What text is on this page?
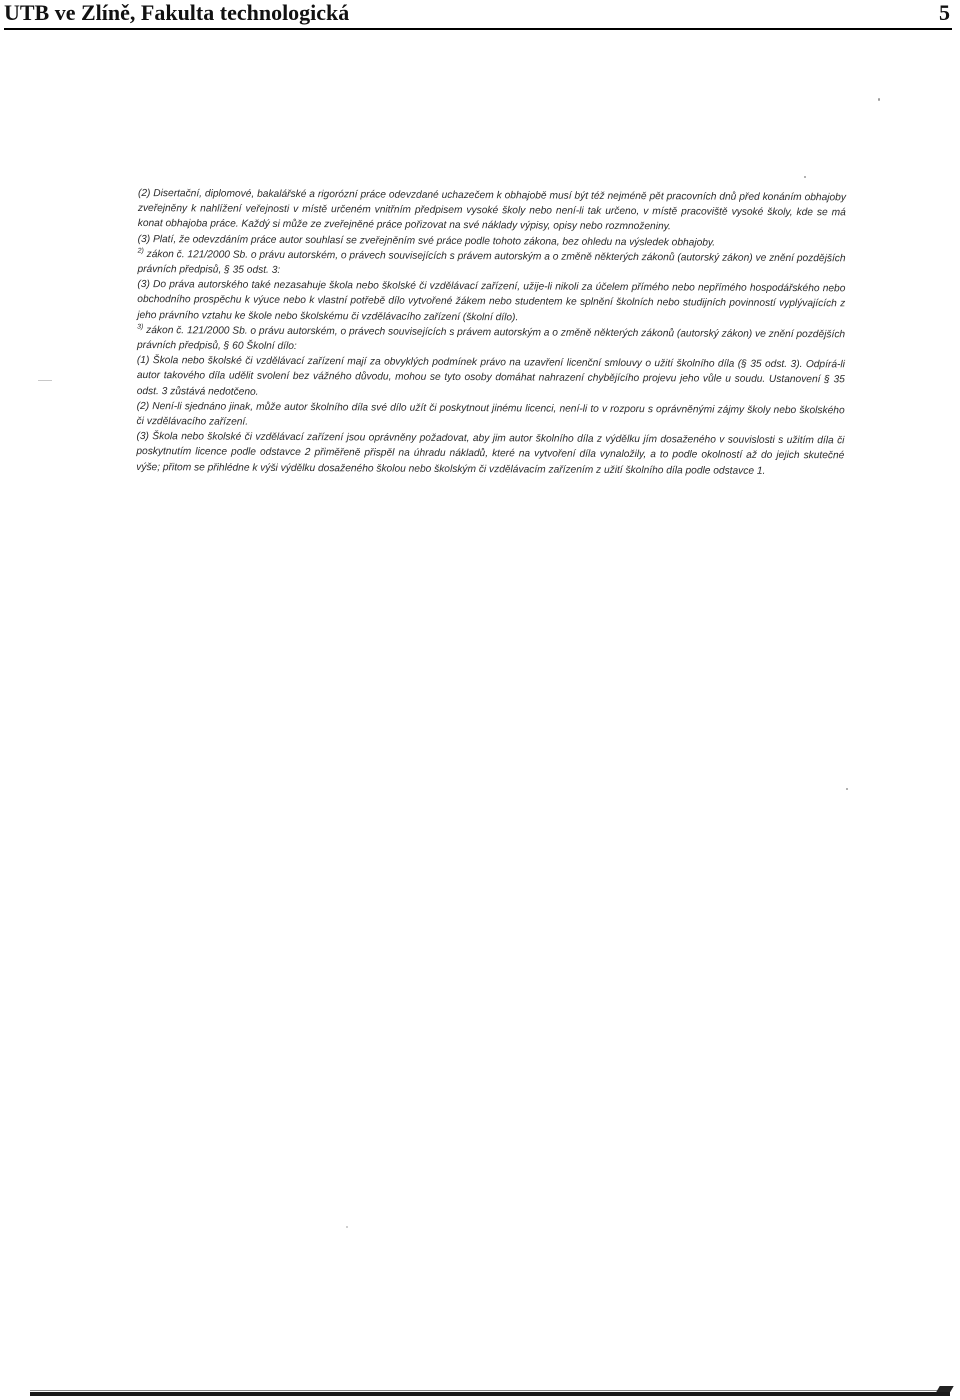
UTB ve Zlíně, Fakulta technologická	5

(2) Disertační, diplomové, bakalářské a rigorózní práce odevzdané uchazečem k obhajobě musí být též nejméně pět pracovních dnů před konáním obhajoby zveřejněny k nahlížení veřejnosti v místě určeném vnitřním předpisem vysoké školy nebo není-li tak určeno, v místě pracoviště vysoké školy, kde se má konat obhajoba práce. Každý si může ze zveřejněné práce pořizovat na své náklady výpisy, opisy nebo rozmnoženiny.

(3) Platí, že odevzdáním práce autor souhlasí se zveřejněním své práce podle tohoto zákona, bez ohledu na výsledek obhajoby.

$^{2)}$ zákon č. 121/2000 Sb. o právu autorském, o právech souvisejících s právem autorským a o změně některých zákonů (autorský zákon) ve znění pozdějších právních předpisů, § 35 odst. 3:

(3) Do práva autorského také nezasahuje škola nebo školské či vzdělávací zařízení, užije-li nikoli za účelem přímého nebo nepřímého hospodářského nebo obchodního prospěchu k výuce nebo k vlastní potřebě dílo vytvořené žákem nebo studentem ke splnění školních nebo studijních povinností vyplývajících z jeho právního vztahu ke škole nebo školskému či vzdělávacího zařízení (školní dílo).

$^{3)}$ zákon č. 121/2000 Sb. o právu autorském, o právech souvisejících s právem autorským a o změně některých zákonů (autorský zákon) ve znění pozdějších právních předpisů, § 60 Školní dílo:

(1) Škola nebo školské či vzdělávací zařízení mají za obvyklých podmínek právo na uzavření licenční smlouvy o užití školního díla (§ 35 odst. 3). Odpírá-li autor takového díla udělit svolení bez vážného důvodu, mohou se tyto osoby domáhat nahrazení chybějícího projevu jeho vůle u soudu. Ustanovení § 35 odst. 3 zůstává nedotčeno.

(2) Není-li sjednáno jinak, může autor školního díla své dílo užít či poskytnout jinému licenci, není-li to v rozporu s oprávněnými zájmy školy nebo školského či vzdělávacího zařízení.

(3) Škola nebo školské či vzdělávací zařízení jsou oprávněny požadovat, aby jim autor školního díla z výdělku jím dosaženého v souvislosti s užitím díla či poskytnutím licence podle odstavce 2 přiměřeně přispěl na úhradu nákladů, které na vytvoření díla vynaložily, a to podle okolností až do jejich skutečné výše; přitom se přihlédne k výši výdělku dosaženého školou nebo školským či vzdělávacím zařízením z užití školního díla podle odstavce 1.
